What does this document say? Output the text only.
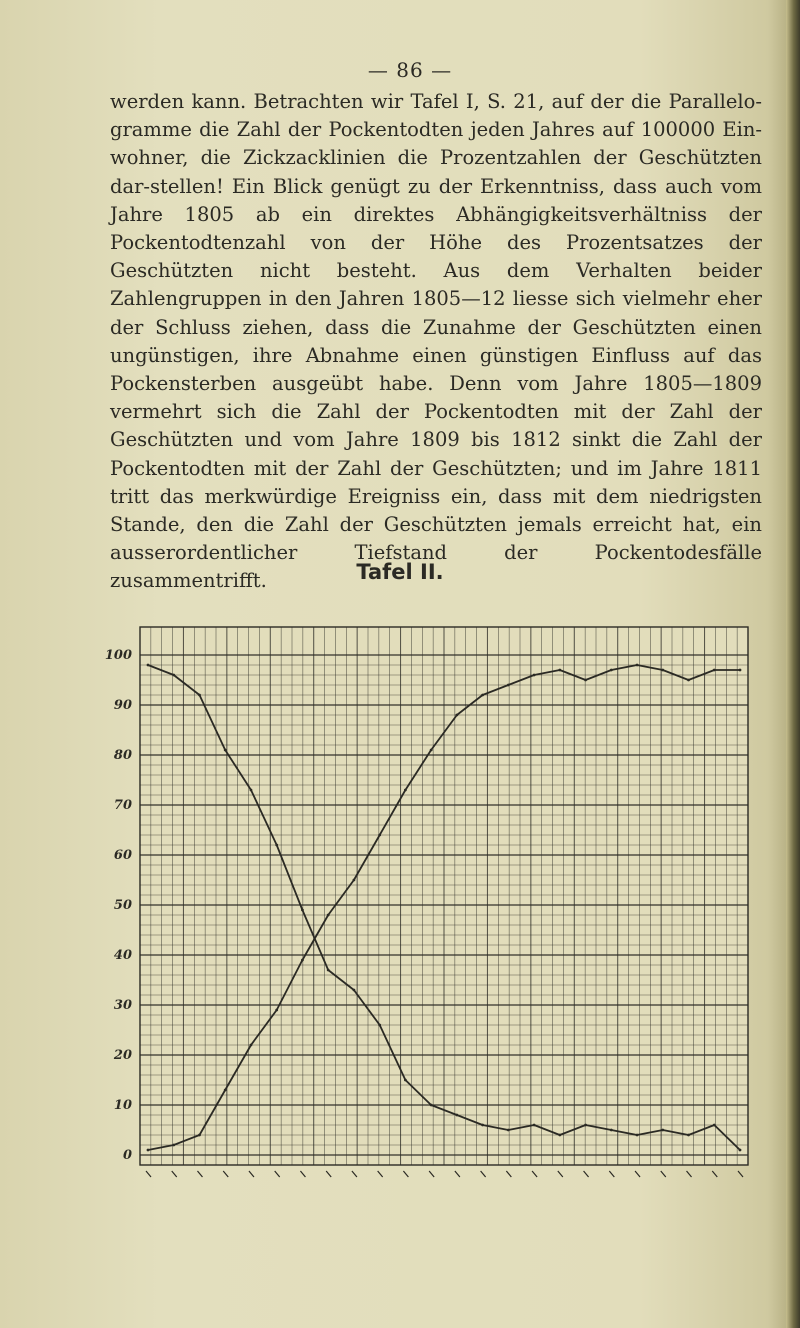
— 86 —

werden kann. Betrachten wir Tafel I, S. 21, auf der die Parallelo-gramme die Zahl der Pockentodten jeden Jahres auf 100000 Ein-wohner, die Zickzacklinien die Prozentzahlen der Geschützten dar-stellen! Ein Blick genügt zu der Erkenntniss, dass auch vom Jahre 1805 ab ein direktes Abhängigkeitsverhältniss der Pockentodtenzahl von der Höhe des Prozentsatzes der Geschützten nicht besteht. Aus dem Verhalten beider Zahlengruppen in den Jahren 1805—12 liesse sich vielmehr eher der Schluss ziehen, dass die Zunahme der Geschützten einen ungünstigen, ihre Abnahme einen günstigen Einfluss auf das Pockensterben ausgeübt habe. Denn vom Jahre 1805—1809 vermehrt sich die Zahl der Pockentodten mit der Zahl der Geschützten und vom Jahre 1809 bis 1812 sinkt die Zahl der Pockentodten mit der Zahl der Geschützten; und im Jahre 1811 tritt das merkwürdige Ereigniss ein, dass mit dem niedrigsten Stande, den die Zahl der Geschützten jemals erreicht hat, ein ausserordentlicher Tiefstand der Pockentodesfälle zusammentrifft.	Tafel II.
0
10
20
30
40
50
60
70
80
90
100
